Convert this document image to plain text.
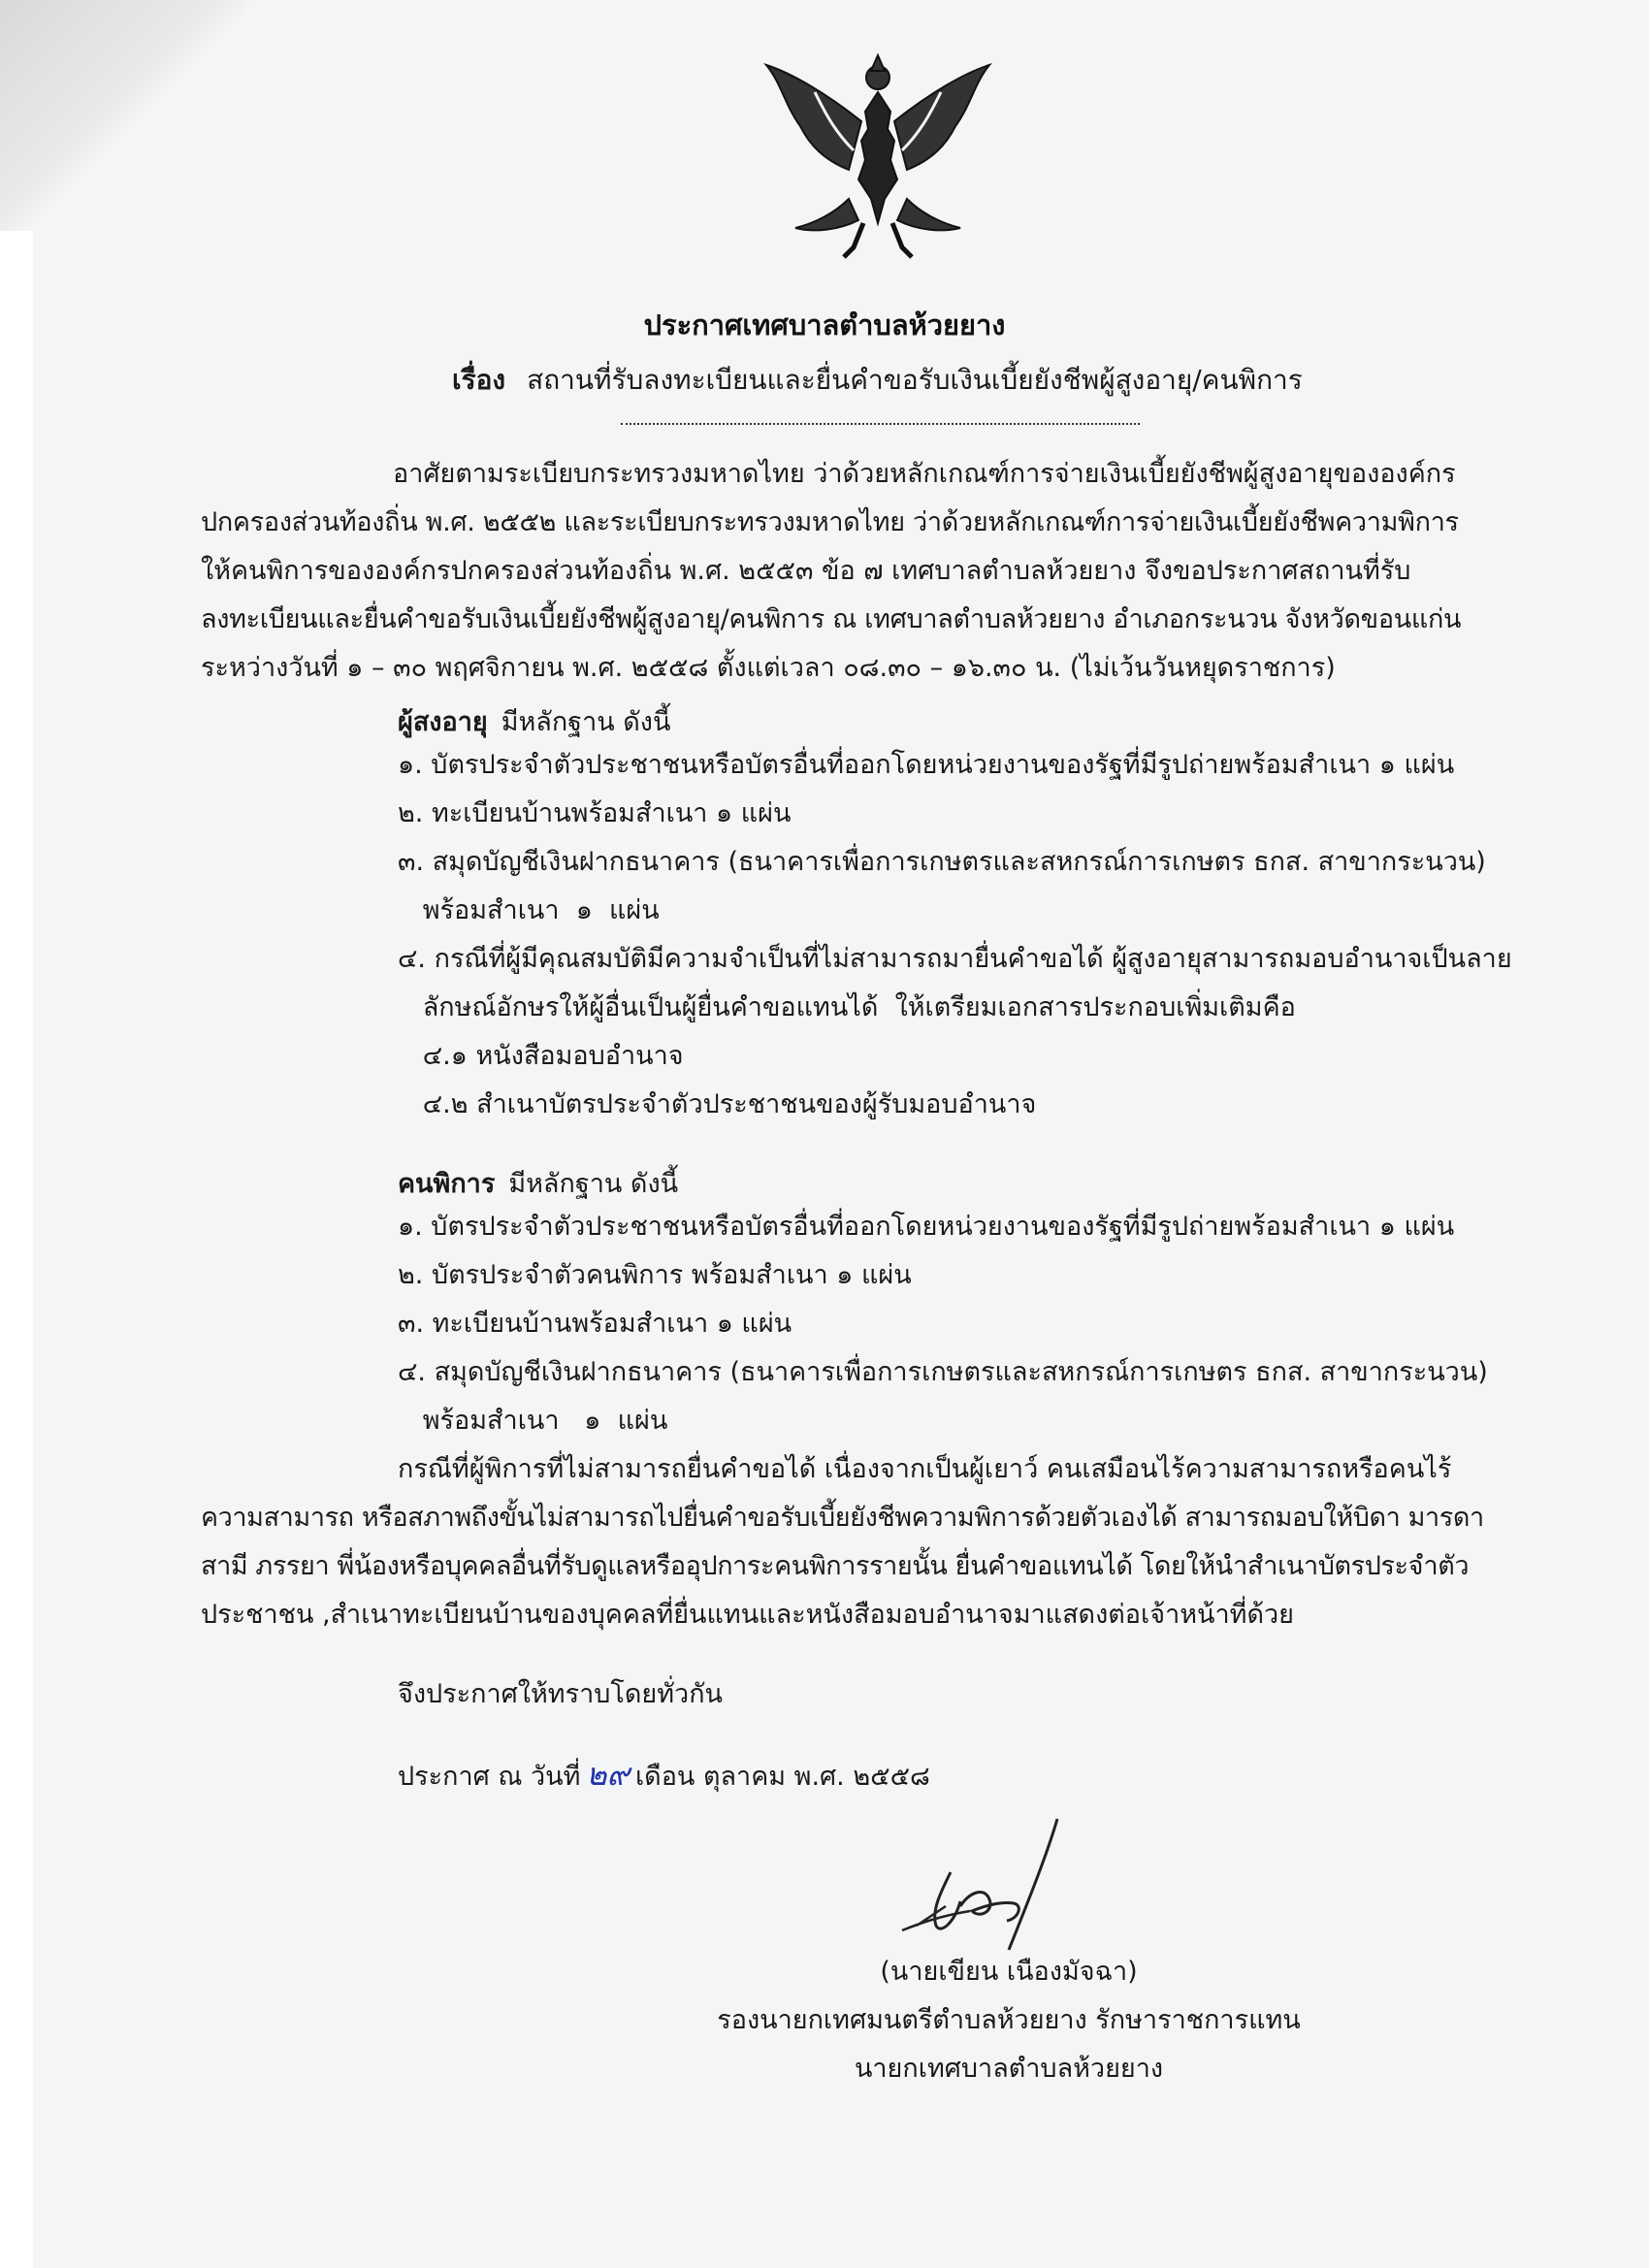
ประกาศเทศบาลตำบลห้วยยาง
เรื่อง สถานที่รับลงทะเบียนและยื่นคำขอรับเงินเบี้ยยังชีพผู้สูงอายุ/คนพิการ
อาศัยตามระเบียบกระทรวงมหาดไทย ว่าด้วยหลักเกณฑ์การจ่ายเงินเบี้ยยังชีพผู้สูงอายุขององค์กร
ปกครองส่วนท้องถิ่น พ.ศ. ๒๕๕๒ และระเบียบกระทรวงมหาดไทย ว่าด้วยหลักเกณฑ์การจ่ายเงินเบี้ยยังชีพความพิการ
ให้คนพิการขององค์กรปกครองส่วนท้องถิ่น พ.ศ. ๒๕๕๓ ข้อ ๗ เทศบาลตำบลห้วยยาง จึงขอประกาศสถานที่รับ
ลงทะเบียนและยื่นคำขอรับเงินเบี้ยยังชีพผู้สูงอายุ/คนพิการ ณ เทศบาลตำบลห้วยยาง อำเภอกระนวน จังหวัดขอนแก่น
ระหว่างวันที่ ๑ – ๓๐ พฤศจิกายน พ.ศ. ๒๕๕๘ ตั้งแต่เวลา ๐๘.๓๐ – ๑๖.๓๐ น. (ไม่เว้นวันหยุดราชการ)
ผู้สงอายุ มีหลักฐาน ดังนี้
๑. บัตรประจำตัวประชาชนหรือบัตรอื่นที่ออกโดยหน่วยงานของรัฐที่มีรูปถ่ายพร้อมสำเนา ๑ แผ่น
๒. ทะเบียนบ้านพร้อมสำเนา ๑ แผ่น
๓. สมุดบัญชีเงินฝากธนาคาร (ธนาคารเพื่อการเกษตรและสหกรณ์การเกษตร ธกส. สาขากระนวน)
พร้อมสำเนา  ๑  แผ่น
๔. กรณีที่ผู้มีคุณสมบัติมีความจำเป็นที่ไม่สามารถมายื่นคำขอได้ ผู้สูงอายุสามารถมอบอำนาจเป็นลาย
ลักษณ์อักษรให้ผู้อื่นเป็นผู้ยื่นคำขอแทนได้  ให้เตรียมเอกสารประกอบเพิ่มเติมคือ
๔.๑ หนังสือมอบอำนาจ
๔.๒ สำเนาบัตรประจำตัวประชาชนของผู้รับมอบอำนาจ
คนพิการ มีหลักฐาน ดังนี้
๑. บัตรประจำตัวประชาชนหรือบัตรอื่นที่ออกโดยหน่วยงานของรัฐที่มีรูปถ่ายพร้อมสำเนา ๑ แผ่น
๒. บัตรประจำตัวคนพิการ พร้อมสำเนา ๑ แผ่น
๓. ทะเบียนบ้านพร้อมสำเนา ๑ แผ่น
๔. สมุดบัญชีเงินฝากธนาคาร (ธนาคารเพื่อการเกษตรและสหกรณ์การเกษตร ธกส. สาขากระนวน)
พร้อมสำเนา   ๑  แผ่น
กรณีที่ผู้พิการที่ไม่สามารถยื่นคำขอได้ เนื่องจากเป็นผู้เยาว์ คนเสมือนไร้ความสามารถหรือคนไร้
ความสามารถ หรือสภาพถึงขั้นไม่สามารถไปยื่นคำขอรับเบี้ยยังชีพความพิการด้วยตัวเองได้ สามารถมอบให้บิดา มารดา
สามี ภรรยา พี่น้องหรือบุคคลอื่นที่รับดูแลหรืออุปการะคนพิการรายนั้น ยื่นคำขอแทนได้ โดยให้นำสำเนาบัตรประจำตัว
ประชาชน ,สำเนาทะเบียนบ้านของบุคคลที่ยื่นแทนและหนังสือมอบอำนาจมาแสดงต่อเจ้าหน้าที่ด้วย
จึงประกาศให้ทราบโดยทั่วกัน
ประกาศ ณ วันที่ ๒๙ เดือน ตุลาคม พ.ศ. ๒๕๕๘
(นายเขียน เนืองมัจฉา)
รองนายกเทศมนตรีตำบลห้วยยาง รักษาราชการแทน
นายกเทศบาลตำบลห้วยยาง
